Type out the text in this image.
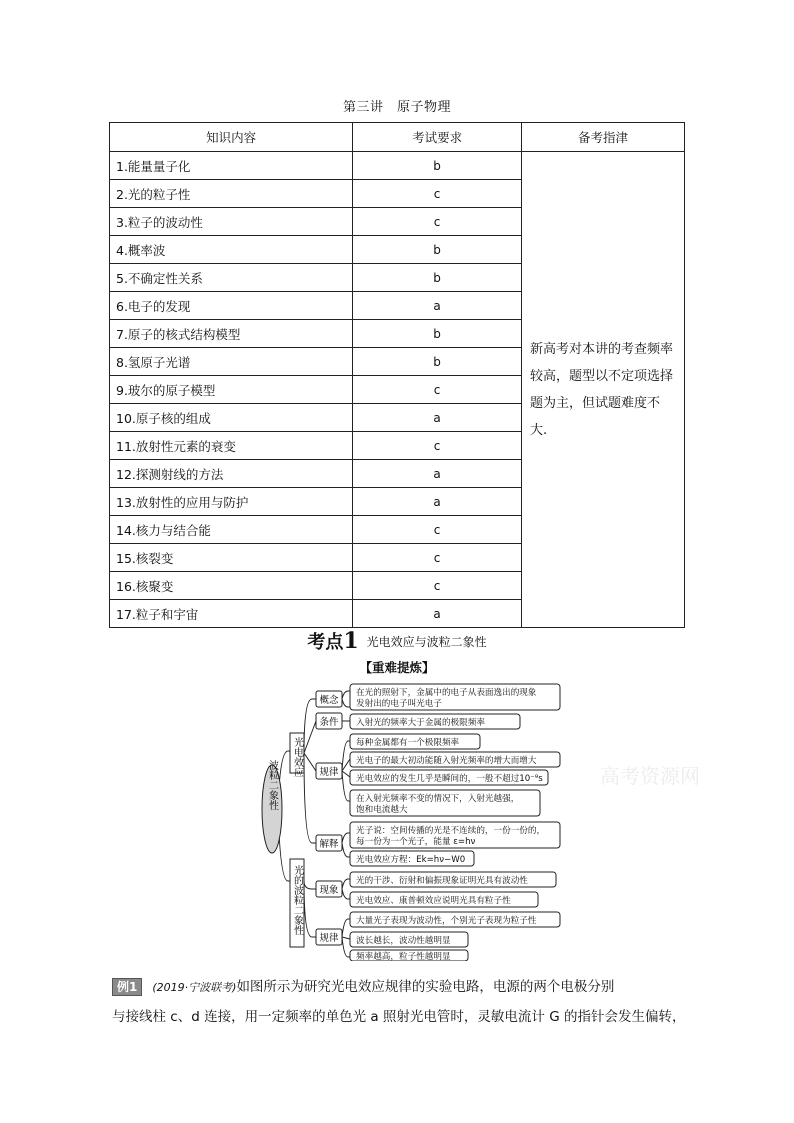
第三讲　原子物理
知识内容	考试要求	备考指津
1.能量量子化	b	新高考对本讲的考查频率较高，题型以不定项选择题为主，但试题难度不大.
2.光的粒子性	c	
3.粒子的波动性	c	
4.概率波	b	
5.不确定性关系	b	
6.电子的发现	a	
7.原子的核式结构模型	b	
8.氢原子光谱	b	
9.玻尔的原子模型	c	
10.原子核的组成	a	
11.放射性元素的衰变	c	
12.探测射线的方法	a	
13.放射性的应用与防护	a	
14.核力与结合能	c	
15.核裂变	c	
16.核聚变	c	
17.粒子和宇宙	a	
考点1 光电效应与波粒二象性
【重难提炼】
高考资源网
波粒二象性
光电效应
光的波粒二象性
概念
条件
规律
解释
现象
规律
在光的照射下，金属中的电子从表面逸出的现象
发射出的电子叫光电子
入射光的频率大于金属的极限频率
每种金属都有一个极限频率
光电子的最大初动能随入射光频率的增大而增大
光电效应的发生几乎是瞬间的，一般不超过10⁻⁹s
在入射光频率不变的情况下，入射光越强，
饱和电流越大
光子说：空间传播的光是不连续的，一份一份的，
每一份为一个光子，能量 ε=hν
光电效应方程：Ek=hν−W0
光的干涉、衍射和偏振现象证明光具有波动性
光电效应、康普顿效应说明光具有粒子性
大量光子表现为波动性，个别光子表现为粒子性
波长越长，波动性越明显
频率越高，粒子性越明显
例1 (2019·宁波联考)如图所示为研究光电效应规律的实验电路，电源的两个电极分别
与接线柱 c、d 连接，用一定频率的单色光 a 照射光电管时，灵敏电流计 G 的指针会发生偏转，
